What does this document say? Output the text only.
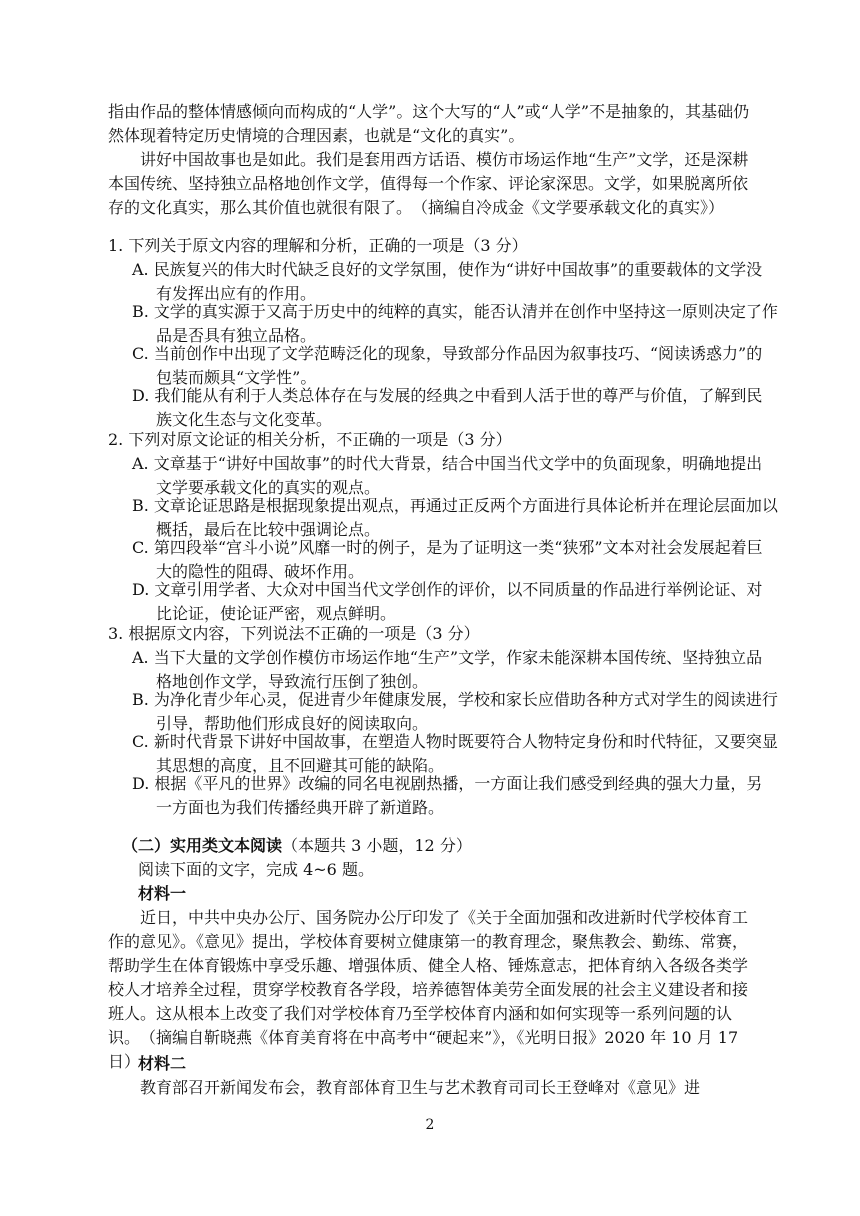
指由作品的整体情感倾向而构成的“人学”。这个大写的“人”或“人学”不是抽象的，其基础仍然体现着特定历史情境的合理因素，也就是“文化的真实”。

讲好中国故事也是如此。我们是套用西方话语、模仿市场运作地“生产”文学，还是深耕本国传统、坚持独立品格地创作文学，值得每一个作家、评论家深思。文学，如果脱离所依存的文化真实，那么其价值也就很有限了。　（摘编自冷成金《文学要承载文化的真实》）

1. 下列关于原文内容的理解和分析，正确的一项是（3 分）

A. 民族复兴的伟大时代缺乏良好的文学氛围，使作为“讲好中国故事”的重要载体的文学没有发挥出应有的作用。

B. 文学的真实源于又高于历史中的纯粹的真实，能否认清并在创作中坚持这一原则决定了作品是否具有独立品格。

C. 当前创作中出现了文学范畴泛化的现象，导致部分作品因为叙事技巧、“阅读诱惑力”的包装而颇具“文学性”。

D. 我们能从有利于人类总体存在与发展的经典之中看到人活于世的尊严与价值，了解到民族文化生态与文化变革。

2. 下列对原文论证的相关分析，不正确的一项是（3 分）

A. 文章基于“讲好中国故事”的时代大背景，结合中国当代文学中的负面现象，明确地提出文学要承载文化的真实的观点。

B. 文章论证思路是根据现象提出观点，再通过正反两个方面进行具体论析并在理论层面加以概括，最后在比较中强调论点。

C. 第四段举“宫斗小说”风靡一时的例子，是为了证明这一类“狭邪”文本对社会发展起着巨大的隐性的阻碍、破坏作用。

D. 文章引用学者、大众对中国当代文学创作的评价，以不同质量的作品进行举例论证、对比论证，使论证严密，观点鲜明。

3. 根据原文内容，下列说法不正确的一项是（3 分）

A. 当下大量的文学创作模仿市场运作地“生产”文学，作家未能深耕本国传统、坚持独立品格地创作文学，导致流行压倒了独创。

B. 为净化青少年心灵，促进青少年健康发展，学校和家长应借助各种方式对学生的阅读进行引导，帮助他们形成良好的阅读取向。

C. 新时代背景下讲好中国故事，在塑造人物时既要符合人物特定身份和时代特征，又要突显其思想的高度，且不回避其可能的缺陷。

D. 根据《平凡的世界》改编的同名电视剧热播，一方面让我们感受到经典的强大力量，另一方面也为我们传播经典开辟了新道路。

（二）实用类文本阅读（本题共 3 小题，12 分）

阅读下面的文字，完成 4~6 题。

材料一

近日，中共中央办公厅、国务院办公厅印发了《关于全面加强和改进新时代学校体育工作的意见》。《意见》提出，学校体育要树立健康第一的教育理念，聚焦教会、勤练、常赛，帮助学生在体育锻炼中享受乐趣、增强体质、健全人格、锤炼意志，把体育纳入各级各类学校人才培养全过程，贯穿学校教育各学段，培养德智体美劳全面发展的社会主义建设者和接班人。这从根本上改变了我们对学校体育乃至学校体育内涵和如何实现等一系列问题的认识。　（摘编自靳晓燕《体育美育将在中高考中“硬起来”》，《光明日报》2020 年 10 月 17 日）

材料二

教育部召开新闻发布会，教育部体育卫生与艺术教育司司长王登峰对《意见》进

2
